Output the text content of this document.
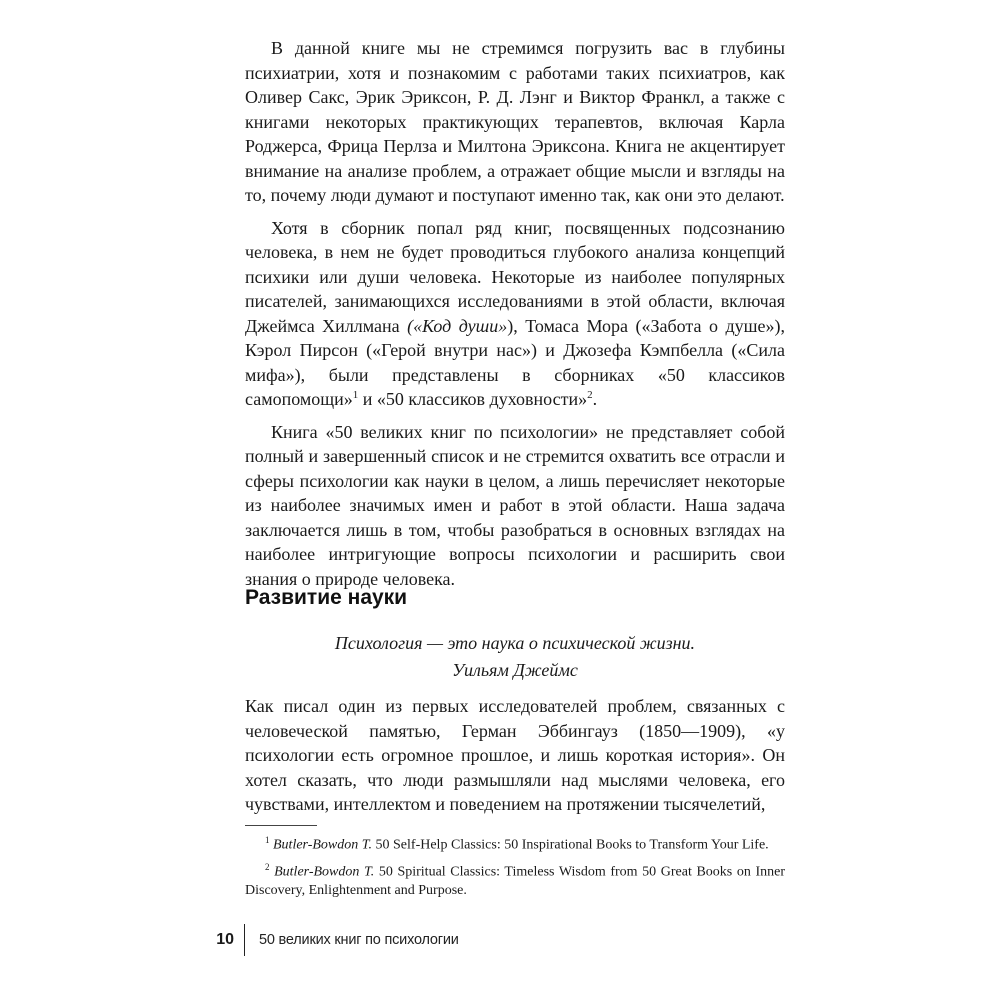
В данной книге мы не стремимся погрузить вас в глубины психиатрии, хотя и познакомим с работами таких психиатров, как Оливер Сакс, Эрик Эриксон, Р. Д. Лэнг и Виктор Франкл, а также с книгами некоторых практикующих терапевтов, включая Карла Роджерса, Фрица Перлза и Милтона Эриксона. Книга не акцентирует внимание на анализе проблем, а отражает общие мысли и взгляды на то, почему люди думают и поступают именно так, как они это делают.

Хотя в сборник попал ряд книг, посвященных подсознанию человека, в нем не будет проводиться глубокого анализа концепций психики или души человека. Некоторые из наиболее популярных писателей, занимающихся исследованиями в этой области, включая Джеймса Хиллмана («Код души»), Томаса Мора («Забота о душе»), Кэрол Пирсон («Герой внутри нас») и Джозефа Кэмпбелла («Сила мифа»), были представлены в сборниках «50 классиков самопомощи»$^1$ и «50 классиков духовности»$^2$.

Книга «50 великих книг по психологии» не представляет собой полный и завершенный список и не стремится охватить все отрасли и сферы психологии как науки в целом, а лишь перечисляет некоторые из наиболее значимых имен и работ в этой области. Наша задача заключается лишь в том, чтобы разобраться в основных взглядах на наиболее интригующие вопросы психологии и расширить свои знания о природе человека.

Развитие науки
Психология — это наука о психической жизни.
Уильям Джеймс

Как писал один из первых исследователей проблем, связанных с человеческой памятью, Герман Эббингауз (1850—1909), «у психологии есть огромное прошлое, и лишь короткая история». Он хотел сказать, что люди размышляли над мыслями человека, его чувствами, интеллектом и поведением на протяжении тысячелетий,

$^1$ Butler-Bowdon T. 50 Self-Help Classics: 50 Inspirational Books to Transform Your Life.

$^2$ Butler-Bowdon T. 50 Spiritual Classics: Timeless Wisdom from 50 Great Books on Inner Discovery, Enlightenment and Purpose.

10	50 великих книг по психологии
